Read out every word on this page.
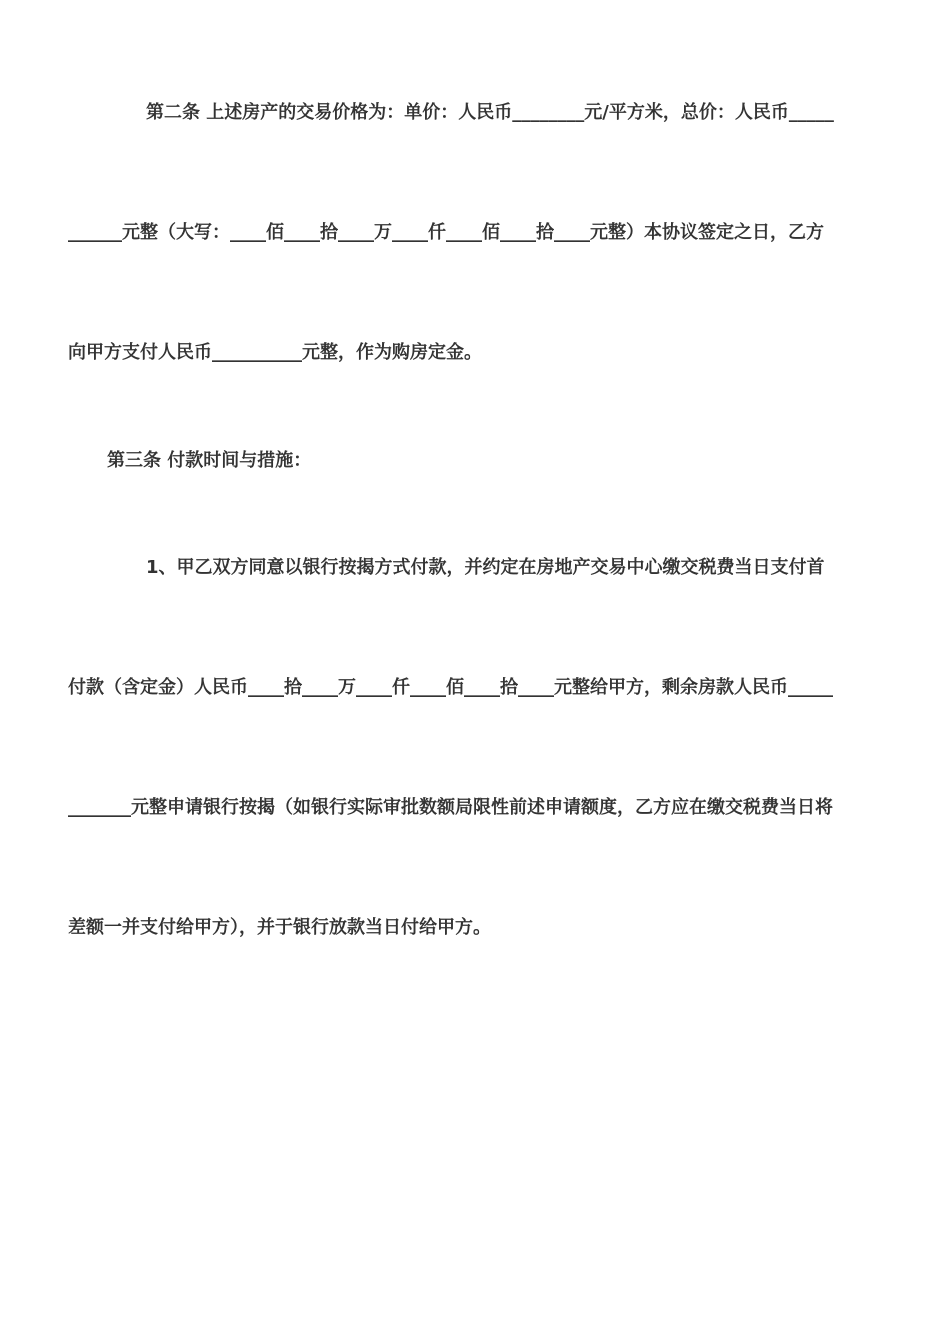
第二条 上述房产的交易价格为：单价：人民币________元/平方米，总价：人民币_____
______元整（大写：____佰____拾____万____仟____佰____拾____元整）本协议签定之日，乙方
向甲方支付人民币__________元整，作为购房定金。
第三条 付款时间与措施：
1、甲乙双方同意以银行按揭方式付款，并约定在房地产交易中心缴交税费当日支付首
付款（含定金）人民币____拾____万____仟____佰____拾____元整给甲方，剩余房款人民币_____
_______元整申请银行按揭（如银行实际审批数额局限性前述申请额度，乙方应在缴交税费当日将
差额一并支付给甲方），并于银行放款当日付给甲方。
